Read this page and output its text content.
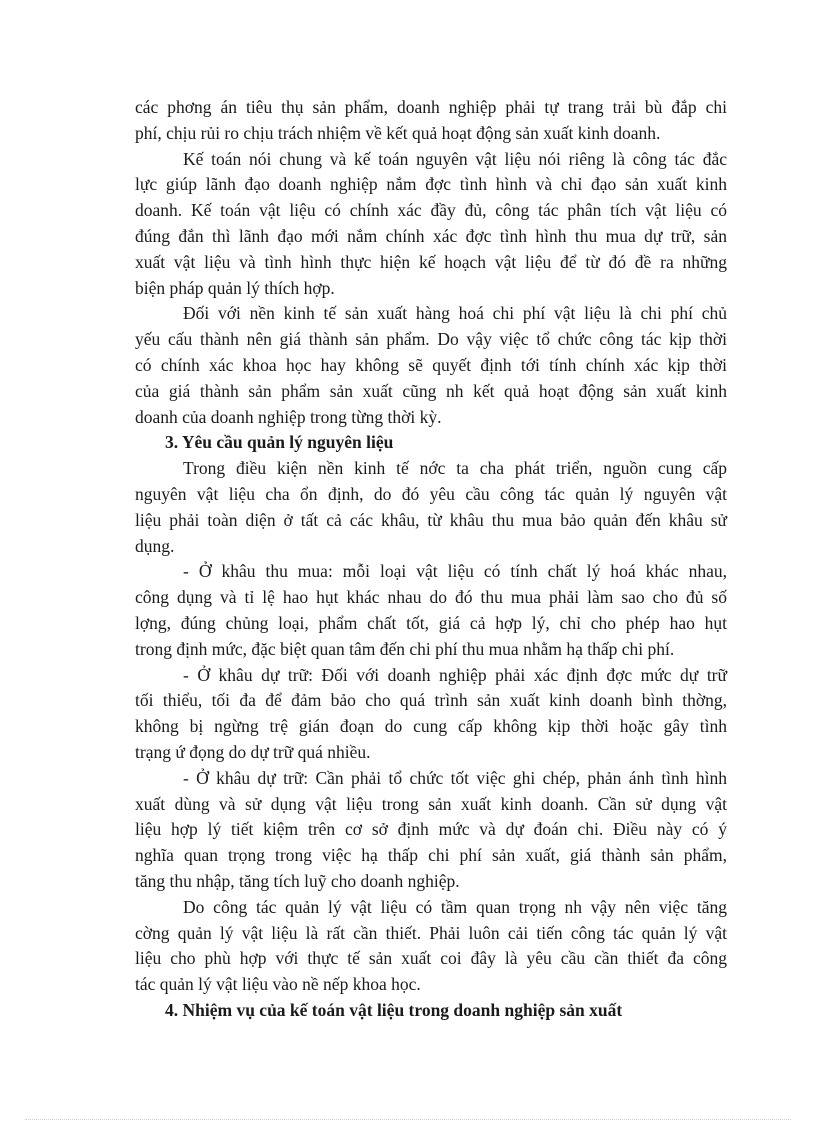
các phơng án tiêu thụ sản phẩm, doanh nghiệp phải tự trang trải bù đắp chi
phí, chịu rủi ro chịu trách nhiệm về kết quả hoạt động sản xuất kinh doanh.
Kế toán nói chung và kế toán nguyên vật liệu nói riêng là công tác đắc
lực giúp lãnh đạo doanh nghiệp nắm đợc tình hình và chỉ đạo sản xuất kinh
doanh. Kế toán vật liệu có chính xác đầy đủ, công tác phân tích vật liệu có
đúng đắn thì lãnh đạo mới nắm chính xác đợc tình hình thu mua dự trữ, sản
xuất vật liệu và tình hình thực hiện kế hoạch vật liệu để từ đó đề ra những
biện pháp quản lý thích hợp.
Đối với nền kinh tế sản xuất hàng hoá chi phí vật liệu là chi phí chủ
yếu cấu thành nên giá thành sản phẩm. Do vậy việc tổ chức công tác kịp thời
có chính xác khoa học hay không sẽ quyết định tới tính chính xác kịp thời
của giá thành sản phẩm sản xuất cũng nh kết quả hoạt động sản xuất kinh
doanh của doanh nghiệp trong từng thời kỳ.
3. Yêu cầu quản lý nguyên liệu
Trong điều kiện nền kinh tế nớc ta cha phát triển, nguồn cung cấp
nguyên vật liệu cha ổn định, do đó yêu cầu công tác quản lý nguyên vật
liệu phải toàn diện ở tất cả các khâu, từ khâu thu mua bảo quản đến khâu sử
dụng.
- Ở khâu thu mua: mỗi loại vật liệu có tính chất lý hoá khác nhau,
công dụng và tỉ lệ hao hụt khác nhau do đó thu mua phải làm sao cho đủ số
lợng, đúng chủng loại, phẩm chất tốt, giá cả hợp lý, chỉ cho phép hao hụt
trong định mức, đặc biệt quan tâm đến chi phí thu mua nhằm hạ thấp chi phí.
- Ở khâu dự trữ: Đối với doanh nghiệp phải xác định đợc mức dự trữ
tối thiểu, tối đa để đảm bảo cho quá trình sản xuất kinh doanh bình thờng,
không bị ngừng trệ gián đoạn do cung cấp không kịp thời hoặc gây tình
trạng ứ đọng do dự trữ quá nhiều.
- Ở khâu dự trữ: Cần phải tổ chức tốt việc ghi chép, phản ánh tình hình
xuất dùng và sử dụng vật liệu trong sản xuất kinh doanh. Cần sử dụng vật
liệu hợp lý tiết kiệm trên cơ sở định mức và dự đoán chi. Điều này có ý
nghĩa quan trọng trong việc hạ thấp chi phí sản xuất, giá thành sản phẩm,
tăng thu nhập, tăng tích luỹ cho doanh nghiệp.
Do công tác quản lý vật liệu có tầm quan trọng nh vậy nên việc tăng
cờng quản lý vật liệu là rất cần thiết. Phải luôn cải tiến công tác quản lý vật
liệu cho phù hợp với thực tế sản xuất coi đây là yêu cầu cần thiết đa công
tác quản lý vật liệu vào nề nếp khoa học.
4. Nhiệm vụ của kế toán vật liệu trong doanh nghiệp sản xuất
